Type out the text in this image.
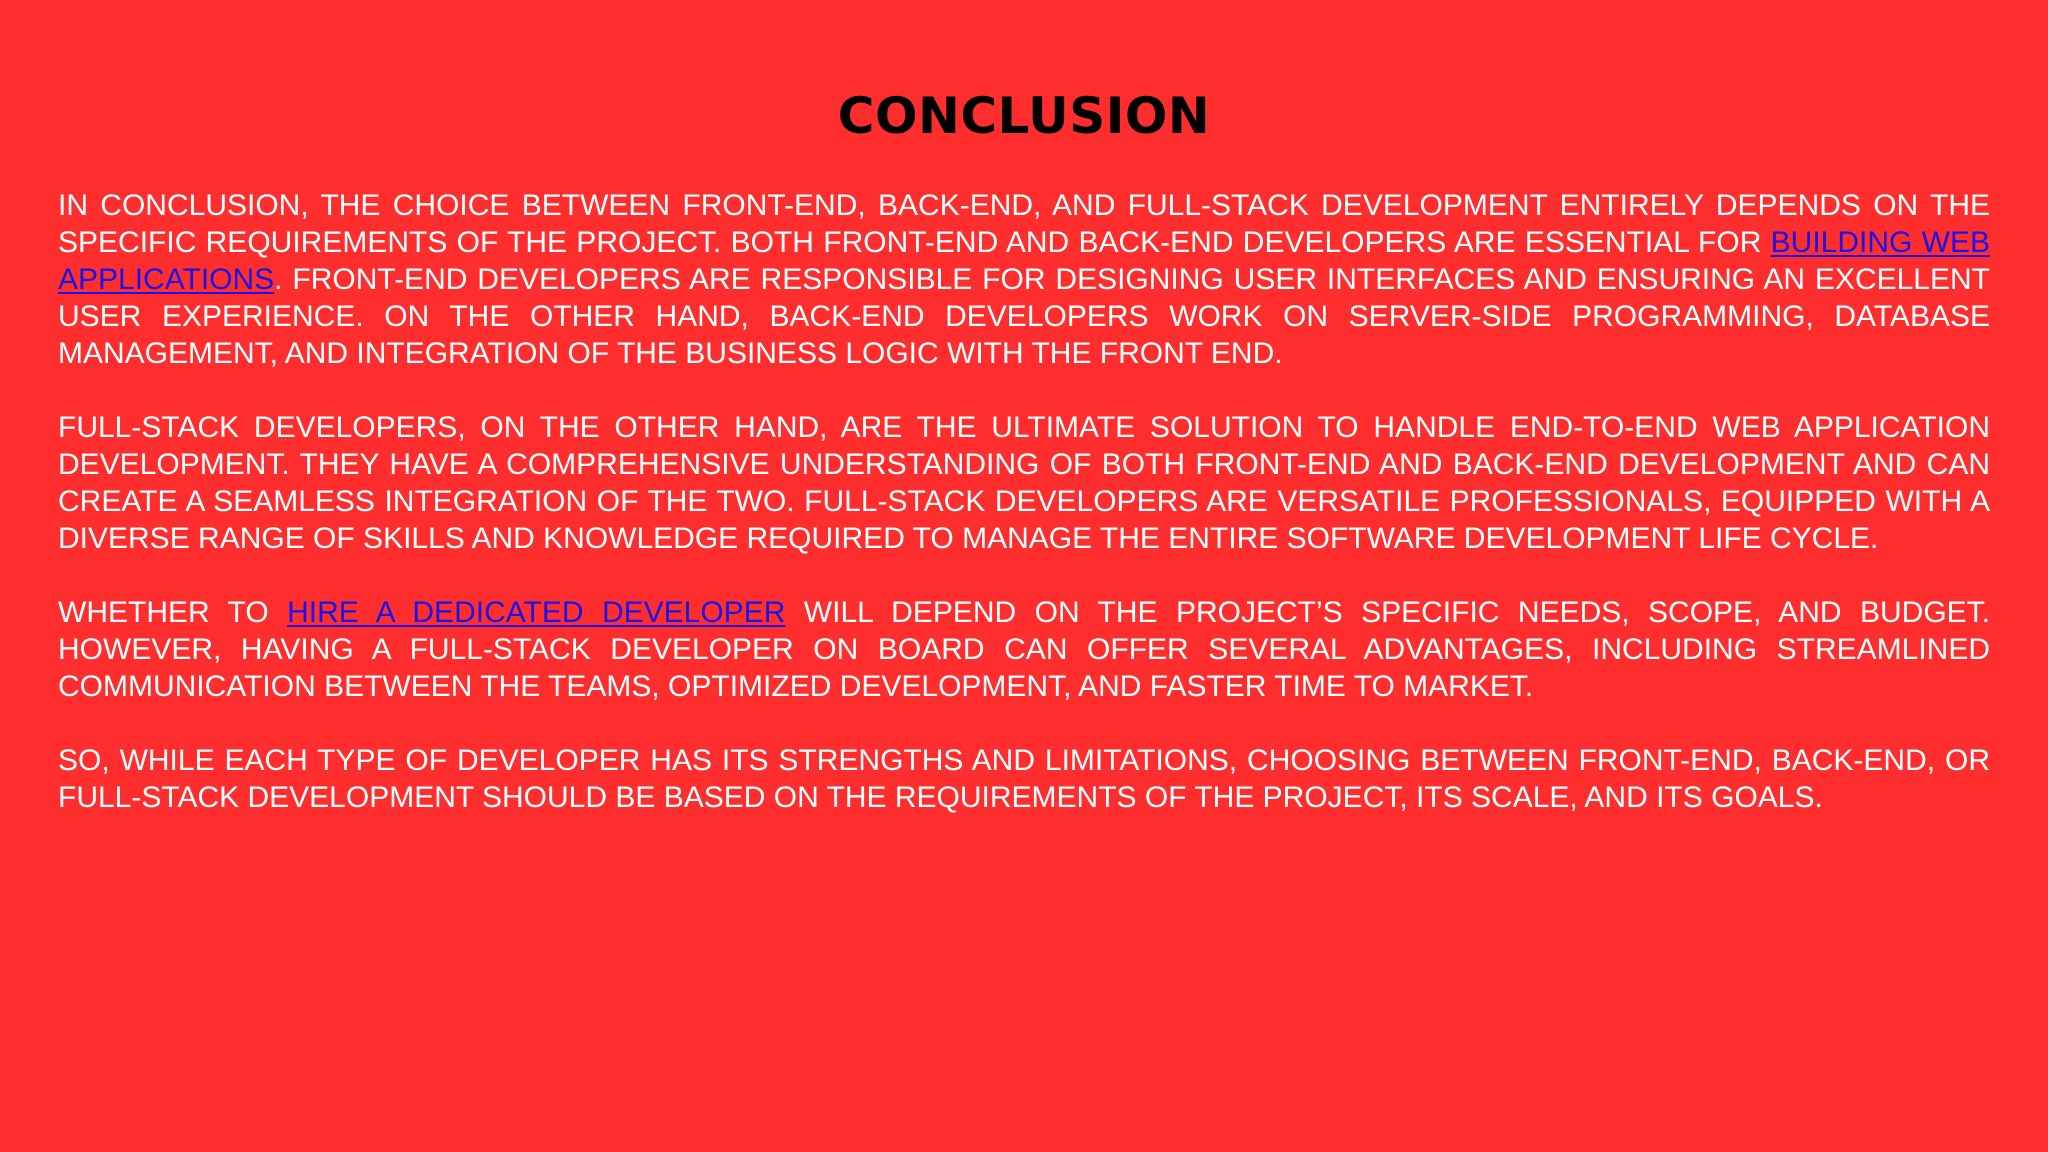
CONCLUSION

IN CONCLUSION, THE CHOICE BETWEEN FRONT-END, BACK-END, AND FULL-STACK DEVELOPMENT ENTIRELY DEPENDS ON THE SPECIFIC REQUIREMENTS OF THE PROJECT. BOTH FRONT-END AND BACK-END DEVELOPERS ARE ESSENTIAL FOR BUILDING WEB APPLICATIONS. FRONT-END DEVELOPERS ARE RESPONSIBLE FOR DESIGNING USER INTERFACES AND ENSURING AN EXCELLENT USER EXPERIENCE. ON THE OTHER HAND, BACK-END DEVELOPERS WORK ON SERVER-SIDE PROGRAMMING, DATABASE MANAGEMENT, AND INTEGRATION OF THE BUSINESS LOGIC WITH THE FRONT END.

FULL-STACK DEVELOPERS, ON THE OTHER HAND, ARE THE ULTIMATE SOLUTION TO HANDLE END-TO-END WEB APPLICATION DEVELOPMENT. THEY HAVE A COMPREHENSIVE UNDERSTANDING OF BOTH FRONT-END AND BACK-END DEVELOPMENT AND CAN CREATE A SEAMLESS INTEGRATION OF THE TWO. FULL-STACK DEVELOPERS ARE VERSATILE PROFESSIONALS, EQUIPPED WITH A DIVERSE RANGE OF SKILLS AND KNOWLEDGE REQUIRED TO MANAGE THE ENTIRE SOFTWARE DEVELOPMENT LIFE CYCLE.

WHETHER TO HIRE A DEDICATED DEVELOPER WILL DEPEND ON THE PROJECT’S SPECIFIC NEEDS, SCOPE, AND BUDGET. HOWEVER, HAVING A FULL-STACK DEVELOPER ON BOARD CAN OFFER SEVERAL ADVANTAGES, INCLUDING STREAMLINED COMMUNICATION BETWEEN THE TEAMS, OPTIMIZED DEVELOPMENT, AND FASTER TIME TO MARKET.

SO, WHILE EACH TYPE OF DEVELOPER HAS ITS STRENGTHS AND LIMITATIONS, CHOOSING BETWEEN FRONT-END, BACK-END, OR FULL-STACK DEVELOPMENT SHOULD BE BASED ON THE REQUIREMENTS OF THE PROJECT, ITS SCALE, AND ITS GOALS.
